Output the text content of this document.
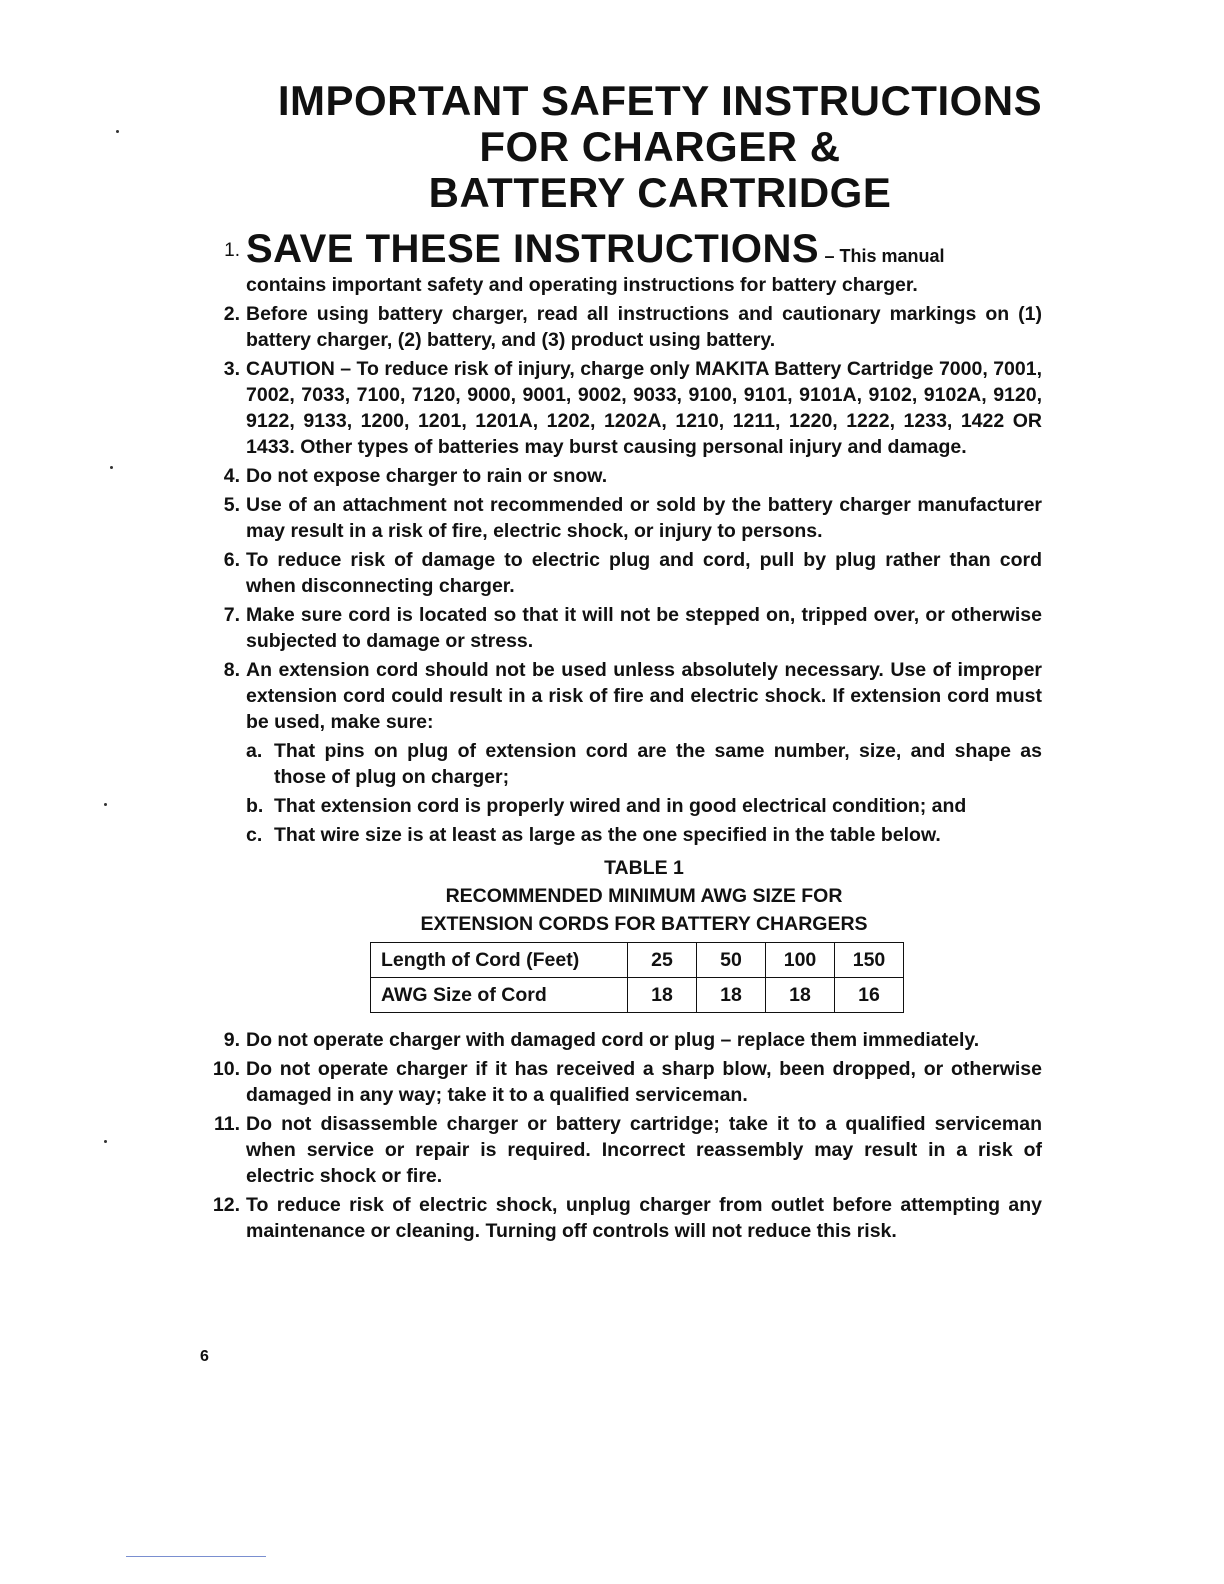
IMPORTANT SAFETY INSTRUCTIONS
FOR CHARGER &
BATTERY CARTRIDGE
1. SAVE THESE INSTRUCTIONS – This manual
contains important safety and operating instructions for battery charger.
2. Before using battery charger, read all instructions and cautionary markings on (1) battery charger, (2) battery, and (3) product using battery.
3. CAUTION – To reduce risk of injury, charge only MAKITA Battery Cartridge 7000, 7001, 7002, 7033, 7100, 7120, 9000, 9001, 9002, 9033, 9100, 9101, 9101A, 9102, 9102A, 9120, 9122, 9133, 1200, 1201, 1201A, 1202, 1202A, 1210, 1211, 1220, 1222, 1233, 1422 OR 1433. Other types of batteries may burst causing personal injury and damage.
4. Do not expose charger to rain or snow.
5. Use of an attachment not recommended or sold by the battery charger manufacturer may result in a risk of fire, electric shock, or injury to persons.
6. To reduce risk of damage to electric plug and cord, pull by plug rather than cord when disconnecting charger.
7. Make sure cord is located so that it will not be stepped on, tripped over, or otherwise subjected to damage or stress.
8. An extension cord should not be used unless absolutely necessary. Use of improper extension cord could result in a risk of fire and electric shock. If extension cord must be used, make sure:
a. That pins on plug of extension cord are the same number, size, and shape as those of plug on charger;
b. That extension cord is properly wired and in good electrical condition; and
c. That wire size is at least as large as the one specified in the table below.
TABLE 1
RECOMMENDED MINIMUM AWG SIZE FOR
EXTENSION CORDS FOR BATTERY CHARGERS
Length of Cord (Feet)	25	50	100	150
AWG Size of Cord	18	18	18	16
9. Do not operate charger with damaged cord or plug – replace them immediately.
10. Do not operate charger if it has received a sharp blow, been dropped, or otherwise damaged in any way; take it to a qualified serviceman.
11. Do not disassemble charger or battery cartridge; take it to a qualified serviceman when service or repair is required. Incorrect reassembly may result in a risk of electric shock or fire.
12. To reduce risk of electric shock, unplug charger from outlet before attempting any maintenance or cleaning. Turning off controls will not reduce this risk.
6
